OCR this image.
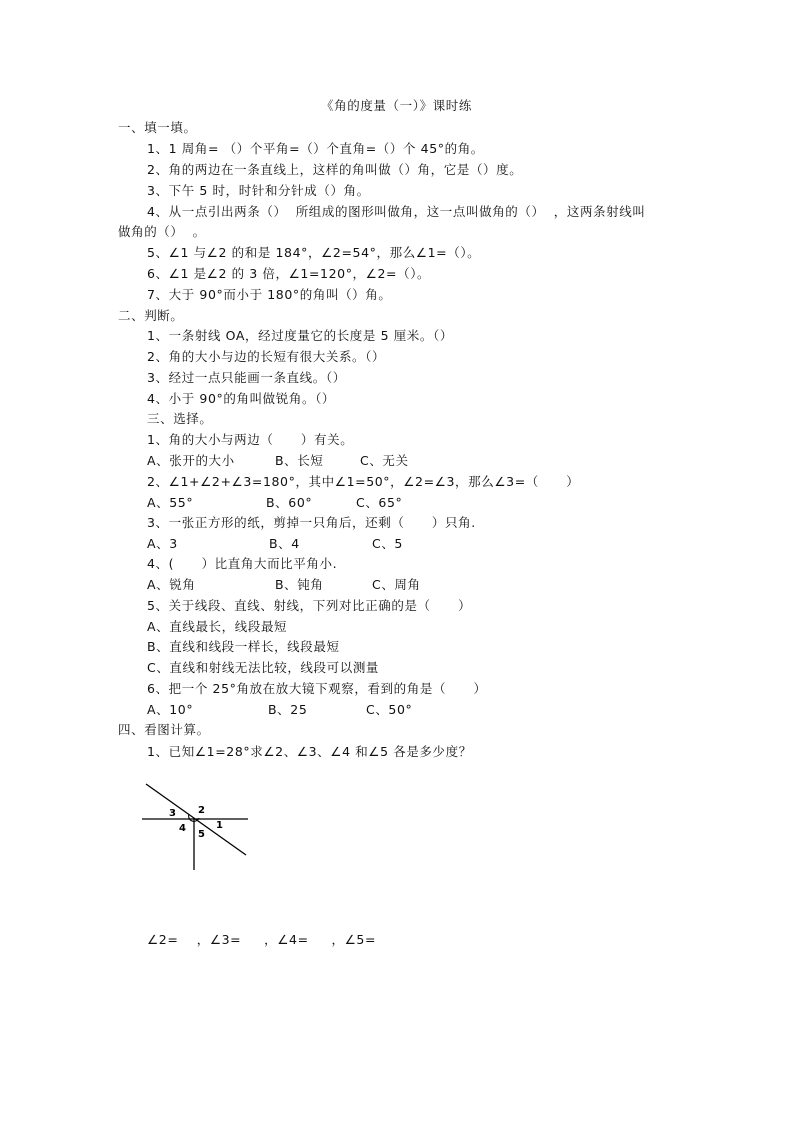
《角的度量（一）》课时练
一、填一填。
1、1 周角= （）个平角=（）个直角=（）个 45°的角。
2、角的两边在一条直线上，这样的角叫做（）角，它是（）度。
3、下午 5 时，时针和分针成（）角。
4、从一点引出两条（）  所组成的图形叫做角，这一点叫做角的（）  ，这两条射线叫
做角的（）  。
5、∠1 与∠2 的和是 184°，∠2=54°，那么∠1=（）。
6、∠1 是∠2 的 3 倍，∠1=120°，∠2=（）。
7、大于 90°而小于 180°的角叫（）角。
二、判断。
1、一条射线 OA，经过度量它的长度是 5 厘米。（）
2、角的大小与边的长短有很大关系。（）
3、经过一点只能画一条直线。（）
4、小于 90°的角叫做锐角。（）
三、选择。
1、角的大小与两边（      ）有关。
A、张开的大小	B、长短	C、无关
2、∠1+∠2+∠3=180°，其中∠1=50°，∠2=∠3，那么∠3=（      ）
A、55°	B、60°	C、65°
3、一张正方形的纸，剪掉一只角后，还剩（      ）只角.
A、3	B、4	C、5
4、(      ）比直角大而比平角小.
A、锐角	B、钝角	C、周角
5、关于线段、直线、射线，下列对比正确的是（      ）
A、直线最长，线段最短
B、直线和线段一样长，线段最短
C、直线和射线无法比较，线段可以测量
6、把一个 25°角放在放大镜下观察，看到的角是（      ）
A、10°	B、25	C、50°
四、看图计算。
1、已知∠1=28°求∠2、∠3、∠4 和∠5 各是多少度？
1
2
3
4
5
∠2=    ，∠3=     ，∠4=     ，∠5=
